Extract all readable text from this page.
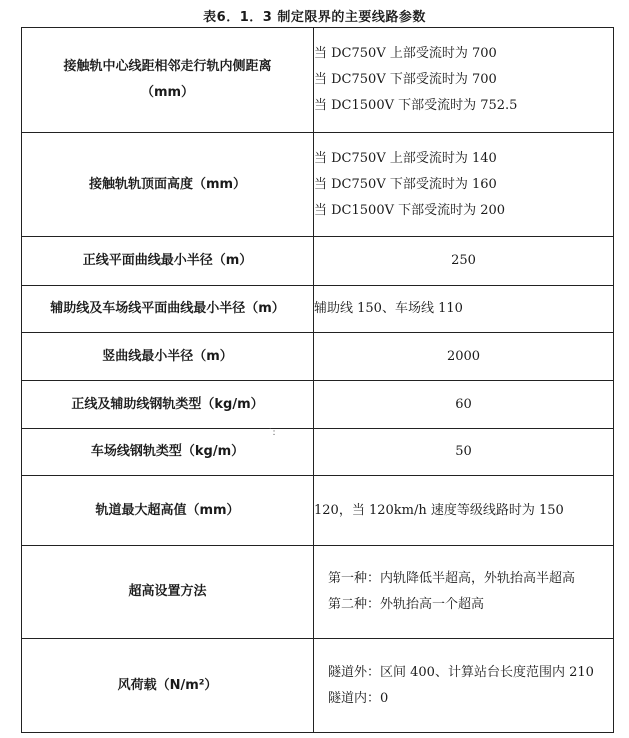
表6．1．3 制定限界的主要线路参数
接触轨中心线距相邻走行轨内侧距离
（mm）	当 DC750V 上部受流时为 700
当 DC750V 下部受流时为 700
当 DC1500V 下部受流时为 752.5

接触轨轨顶面高度（mm）	当 DC750V 上部受流时为 140
当 DC750V 下部受流时为 160
当 DC1500V 下部受流时为 200

正线平面曲线最小半径（m）	250
辅助线及车场线平面曲线最小半径（m）	辅助线 150、车场线 110
竖曲线最小半径（m）	2000
正线及辅助线钢轨类型（kg/m）	60
车场线钢轨类型（kg/m）	50
轨道最大超高值（mm）	120，当 120km/h 速度等级线路时为 150
超高设置方法	第一种：内轨降低半超高，外轨抬高半超高
第二种：外轨抬高一个超高

风荷载（N/m²）	隧道外：区间 400、计算站台长度范围内 210
隧道内：0
˙:
